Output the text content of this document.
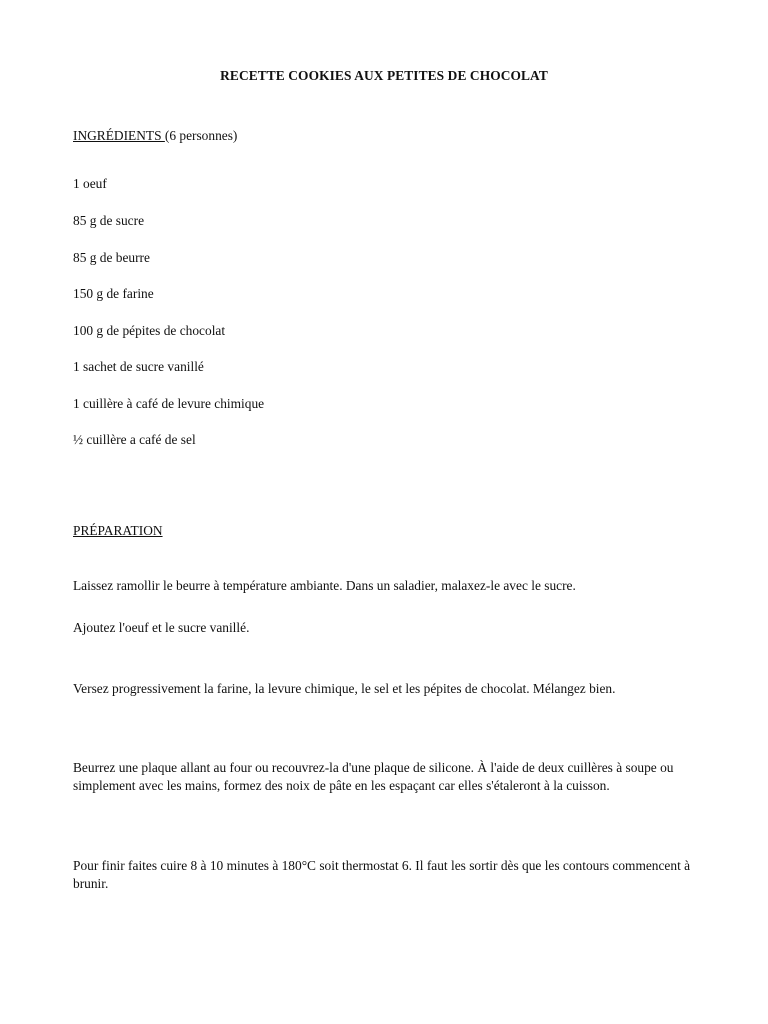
RECETTE COOKIES AUX PETITES DE CHOCOLAT
INGRÉDIENTS (6 personnes)
1 oeuf
85 g de sucre
85 g de beurre
150 g de farine
100 g de pépites de chocolat
1 sachet de sucre vanillé
1 cuillère à café de levure chimique
½ cuillère a café de sel
PRÉPARATION
Laissez ramollir le beurre à température ambiante. Dans un saladier, malaxez-le avec le sucre.
Ajoutez l'oeuf et le sucre vanillé.
Versez progressivement la farine, la levure chimique, le sel et les pépites de chocolat. Mélangez bien.
Beurrez une plaque allant au four ou recouvrez-la d'une plaque de silicone. À l'aide de deux cuillères à soupe ou simplement avec les mains, formez des noix de pâte en les espaçant car elles s'étaleront à la cuisson.
Pour finir faites cuire 8 à 10 minutes à 180°C soit thermostat 6. Il faut les sortir dès que les contours commencent à brunir.
